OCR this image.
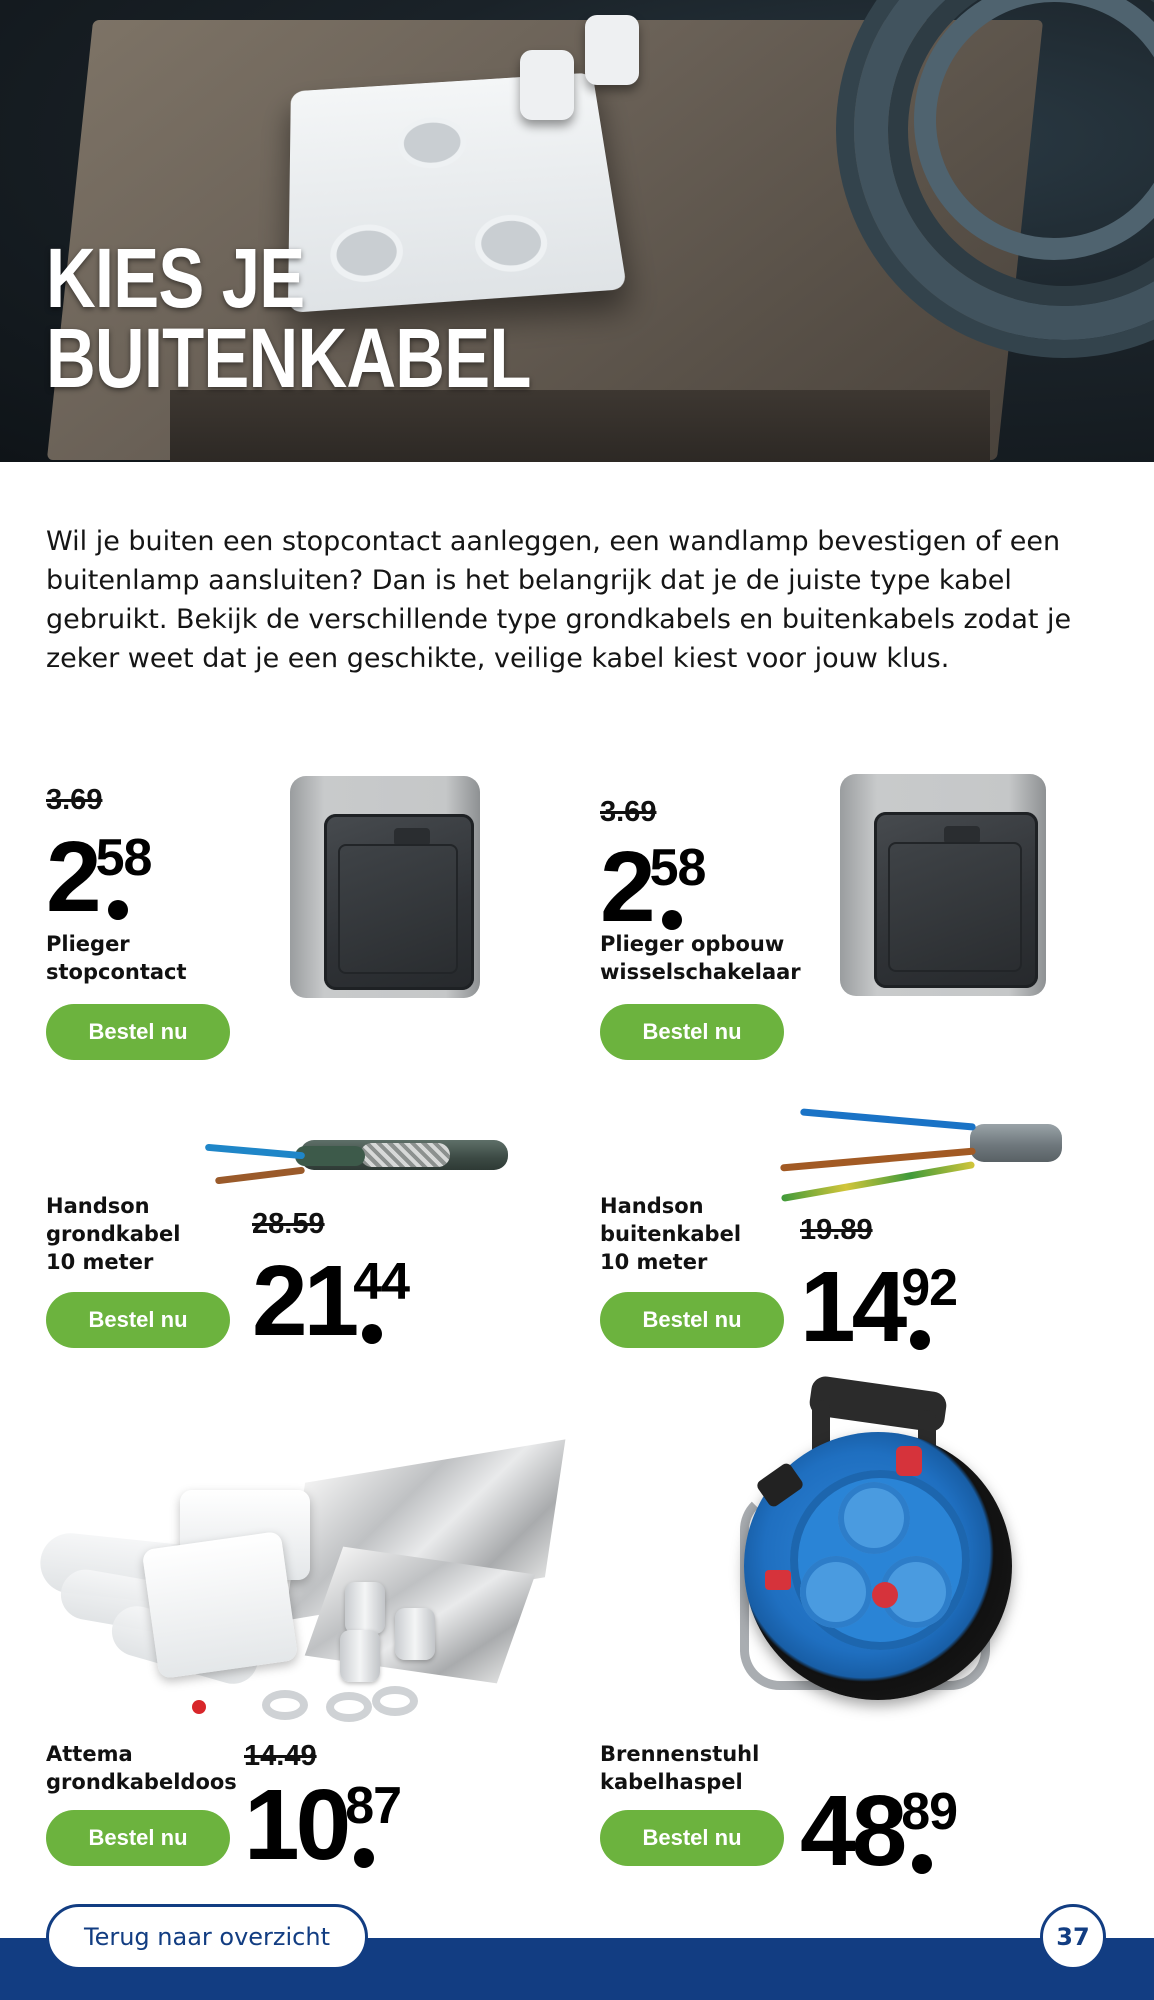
KIES JE
BUITENKABEL

Wil je buiten een stopcontact aanleggen, een wandlamp bevestigen of een buitenlamp aansluiten? Dan is het belangrijk dat je de juiste type kabel gebruikt. Bekijk de verschillende type grondkabels en buitenkabels zodat je zeker weet dat je een geschikte, veilige kabel kiest voor jouw klus.

3.69
258
Plieger
stopcontact
Bestel nu
3.69
258
Plieger opbouw
wisselschakelaar
Bestel nu
Handson
grondkabel
10 meter
28.59
2144
Bestel nu
Handson
buitenkabel
10 meter
19.89
1492
Bestel nu
Attema
grondkabeldoos
14.49
1087
Bestel nu
Brennenstuhl
kabelhaspel 4889
Bestel nu
Terug naar overzicht	37
